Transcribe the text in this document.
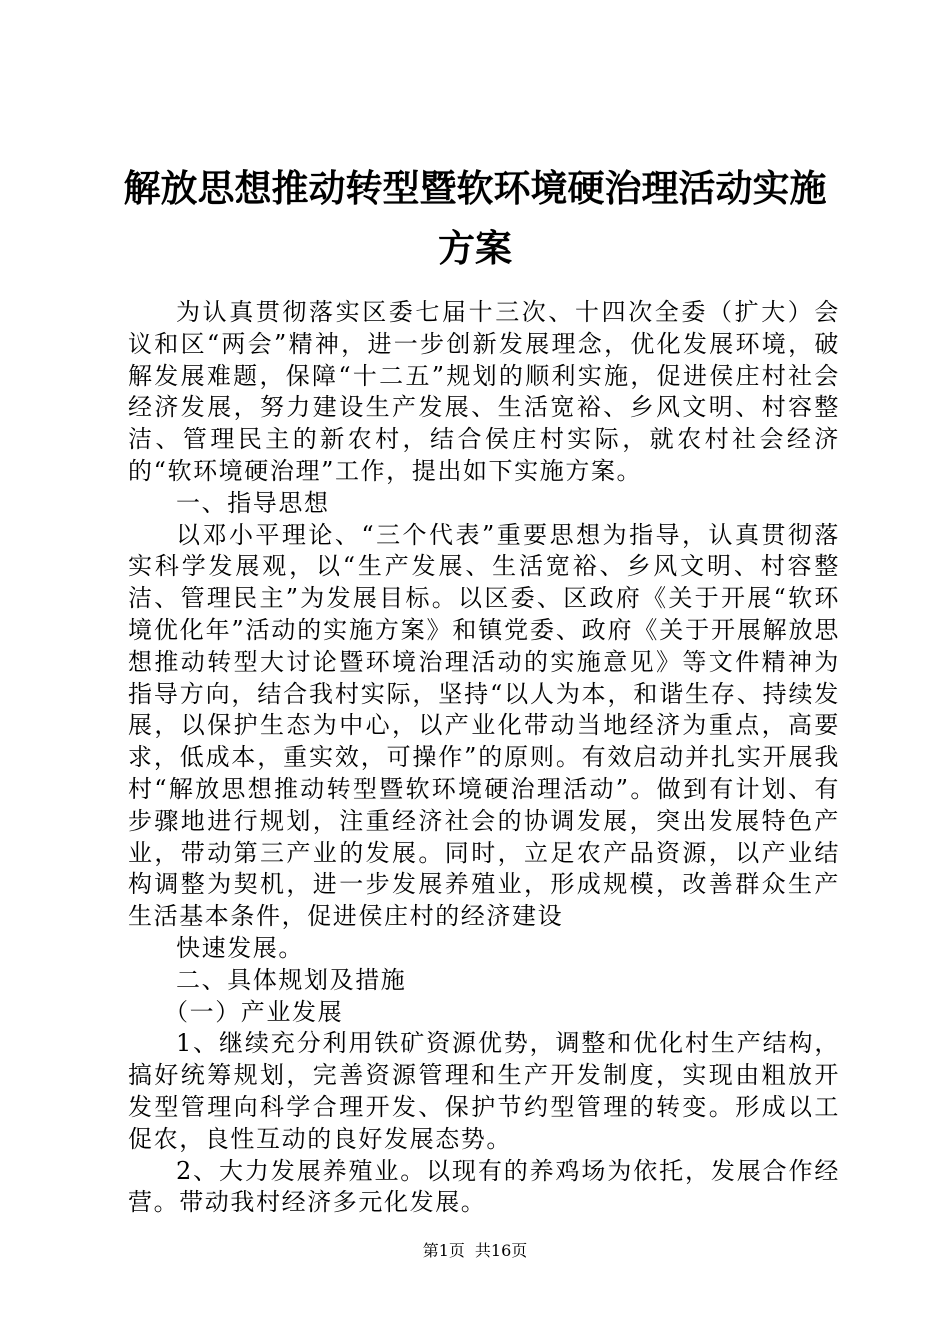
解放思想推动转型暨软环境硬治理活动实施方案

为认真贯彻落实区委七届十三次、十四次全委（扩大）会议和区“两会”精神，进一步创新发展理念，优化发展环境，破解发展难题，保障“十二五”规划的顺利实施，促进侯庄村社会经济发展，努力建设生产发展、生活宽裕、乡风文明、村容整洁、管理民主的新农村，结合侯庄村实际，就农村社会经济的“软环境硬治理”工作，提出如下实施方案。

一、指导思想

以邓小平理论、“三个代表”重要思想为指导，认真贯彻落实科学发展观，以“生产发展、生活宽裕、乡风文明、村容整洁、管理民主”为发展目标。以区委、区政府《关于开展“软环境优化年”活动的实施方案》和镇党委、政府《关于开展解放思想推动转型大讨论暨环境治理活动的实施意见》等文件精神为指导方向，结合我村实际，坚持“以人为本，和谐生存、持续发展，以保护生态为中心，以产业化带动当地经济为重点，高要求，低成本，重实效，可操作”的原则。有效启动并扎实开展我村“解放思想推动转型暨软环境硬治理活动”。做到有计划、有步骤地进行规划，注重经济社会的协调发展，突出发展特色产业，带动第三产业的发展。同时，立足农产品资源，以产业结构调整为契机，进一步发展养殖业，形成规模，改善群众生产生活基本条件，促进侯庄村的经济建设

快速发展。

二、具体规划及措施

（一）产业发展

1、继续充分利用铁矿资源优势，调整和优化村生产结构，搞好统筹规划，完善资源管理和生产开发制度，实现由粗放开发型管理向科学合理开发、保护节约型管理的转变。形成以工促农，良性互动的良好发展态势。

2、大力发展养殖业。以现有的养鸡场为依托，发展合作经营。带动我村经济多元化发展。

第1页 共16页
